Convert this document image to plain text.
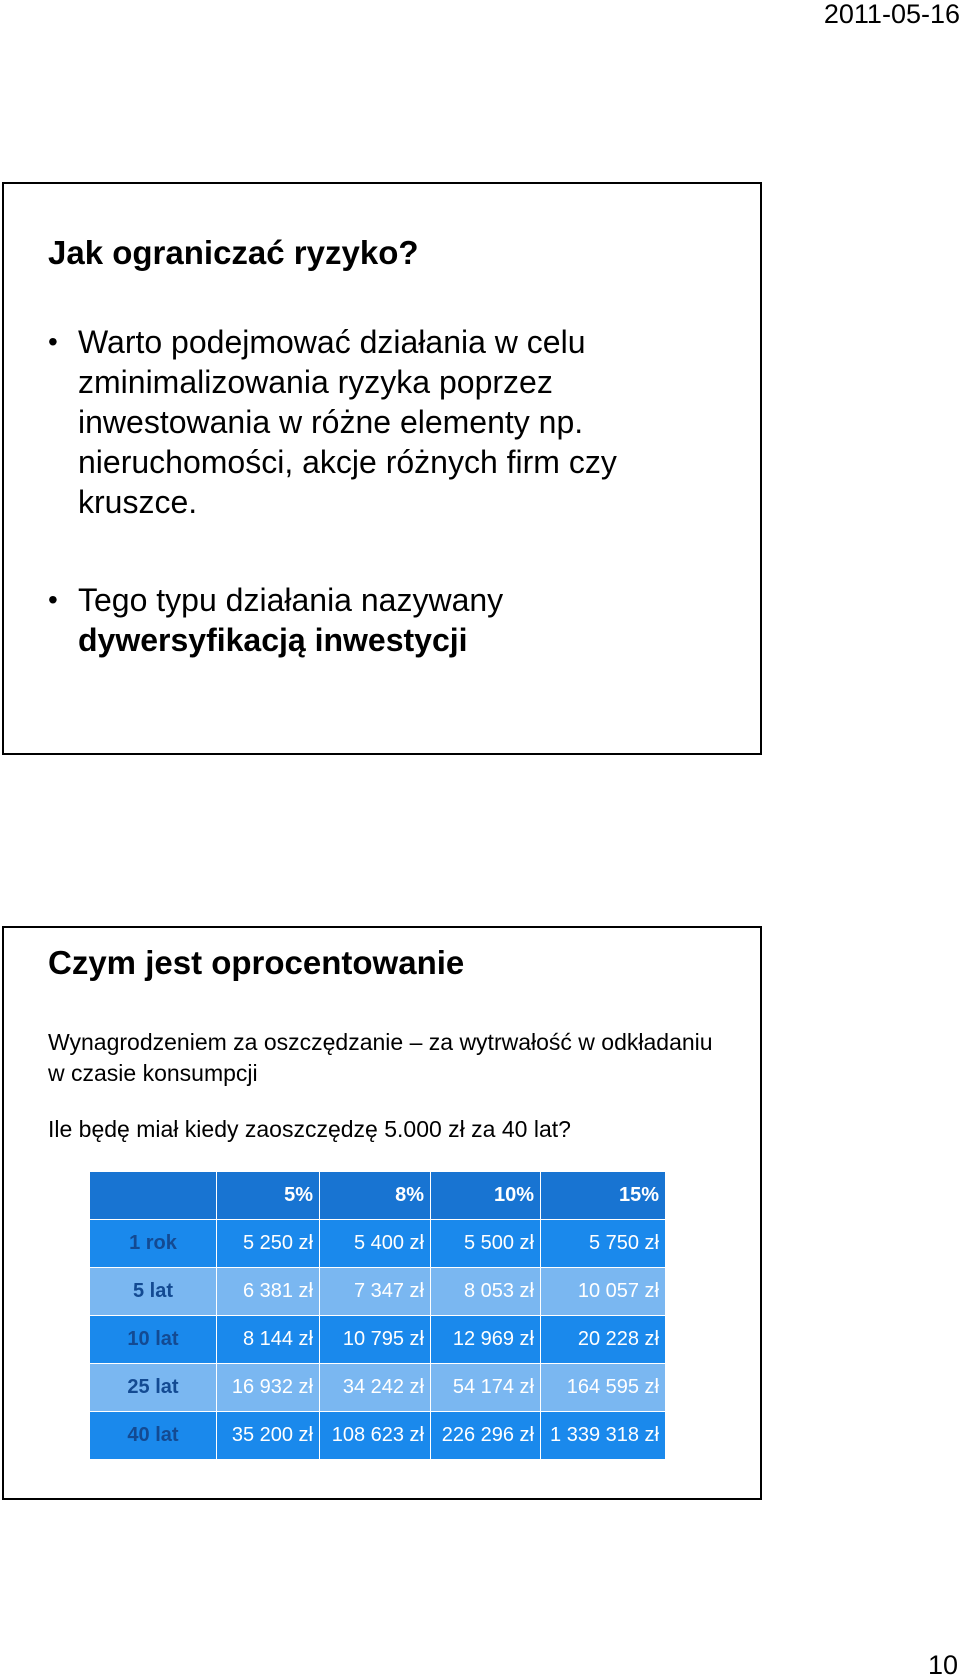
2011-05-16
Jak ograniczać ryzyko?
• Warto podejmować działania w celu zminimalizowania ryzyka poprzez inwestowania w różne elementy np. nieruchomości, akcje różnych firm czy kruszce.
• Tego typu działania nazywany
dywersyfikacją inwestycji
Czym jest oprocentowanie

Wynagrodzeniem za oszczędzanie – za wytrwałość w odkładaniu w czasie konsumpcji

Ile będę miał kiedy zaoszczędzę 5.000 zł za 40 lat?

	5%	8%	10%	15%
1 rok	5 250 zł	5 400 zł	5 500 zł	5 750 zł
5 lat	6 381 zł	7 347 zł	8 053 zł	10 057 zł
10 lat	8 144 zł	10 795 zł	12 969 zł	20 228 zł
25 lat	16 932 zł	34 242 zł	54 174 zł	164 595 zł
40 lat	35 200 zł	108 623 zł	226 296 zł	1 339 318 zł
10
